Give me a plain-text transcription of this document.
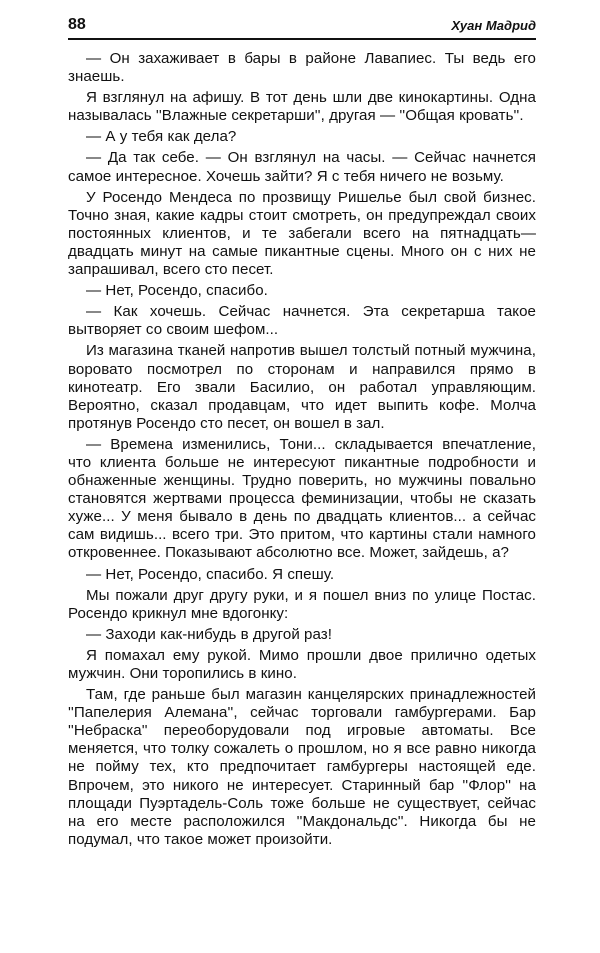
88	Хуан Мадрид

— Он захаживает в бары в районе Лавапиес. Ты ведь его знаешь.

Я взглянул на афишу. В тот день шли две кинокартины. Одна называлась ''Влажные секретарши'', другая — ''Общая кровать''.

— А у тебя как дела?

— Да так себе. — Он взглянул на часы. — Сейчас начнется самое интересное. Хочешь зайти? Я с тебя ничего не возьму.

У Росендо Мендеса по прозвищу Ришелье был свой бизнес. Точно зная, какие кадры стоит смотреть, он предупреждал своих постоянных клиентов, и те забегали всего на пятнадцать—двадцать минут на самые пикантные сцены. Много он с них не запрашивал, всего сто песет.

— Нет, Росендо, спасибо.

— Как хочешь. Сейчас начнется. Эта секретарша такое вытворяет со своим шефом...

Из магазина тканей напротив вышел толстый потный мужчина, воровато посмотрел по сторонам и направился прямо в кинотеатр. Его звали Басилио, он работал управляющим. Вероятно, сказал продавцам, что идет выпить кофе. Молча протянув Росендо сто песет, он вошел в зал.

— Времена изменились, Тони... складывается впечатление, что клиента больше не интересуют пикантные подробности и обнаженные женщины. Трудно поверить, но мужчины повально становятся жертвами процесса феминизации, чтобы не сказать хуже... У меня бывало в день по двадцать клиентов... а сейчас сам видишь... всего три. Это притом, что картины стали намного откровеннее. Показывают абсолютно все. Может, зайдешь, а?

— Нет, Росендо, спасибо. Я спешу.

Мы пожали друг другу руки, и я пошел вниз по улице Постас. Росендо крикнул мне вдогонку:

— Заходи как-нибудь в другой раз!

Я помахал ему рукой. Мимо прошли двое прилично одетых мужчин. Они торопились в кино.

Там, где раньше был магазин канцелярских принадлежностей ''Папелерия Алемана'', сейчас торговали гамбургерами. Бар ''Небраска'' переоборудовали под игровые автоматы. Все меняется, что толку сожалеть о прошлом, но я все равно никогда не пойму тех, кто предпочитает гамбургеры настоящей еде. Впрочем, это никого не интересует. Старинный бар ''Флор'' на площади Пуэртадель-Соль тоже больше не существует, сейчас на его месте расположился ''Макдональдс''. Никогда бы не подумал, что такое может произойти.
